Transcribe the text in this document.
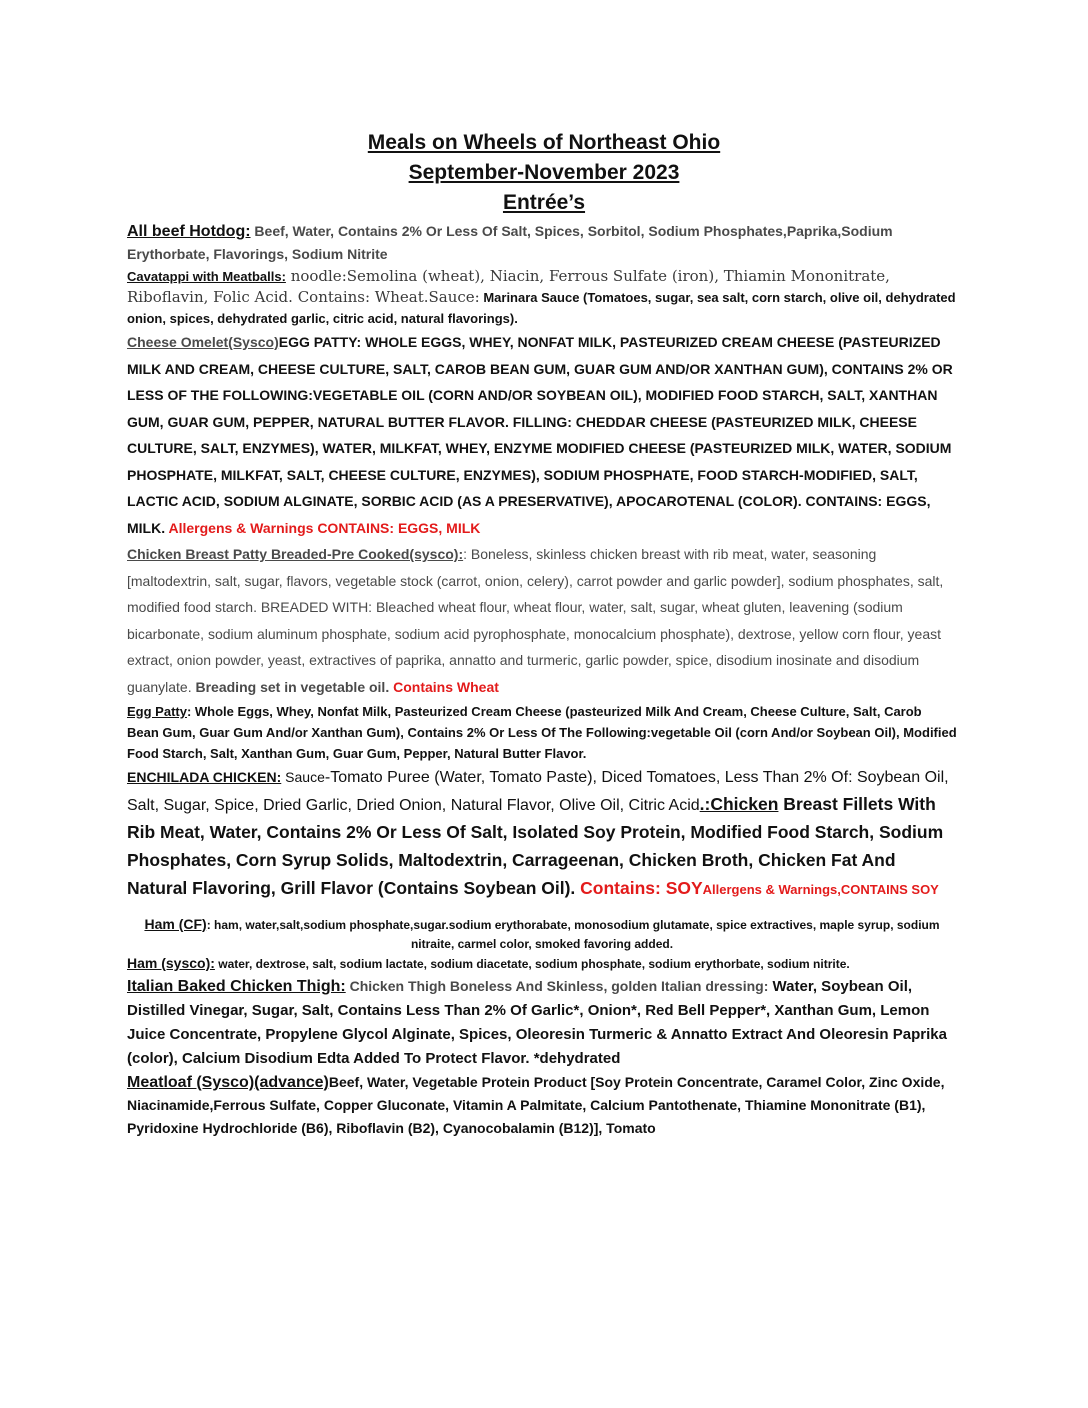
Meals on Wheels of Northeast Ohio
September-November 2023
Entrée’s

All beef Hotdog: Beef, Water, Contains 2% Or Less Of Salt, Spices, Sorbitol, Sodium Phosphates,Paprika,Sodium Erythorbate, Flavorings, Sodium Nitrite

Cavatappi with Meatballs: noodle:Semolina (wheat), Niacin, Ferrous Sulfate (iron), Thiamin Mononitrate, Riboflavin, Folic Acid. Contains: Wheat.Sauce: Marinara Sauce (Tomatoes, sugar, sea salt, corn starch, olive oil, dehydrated onion, spices, dehydrated garlic, citric acid, natural flavorings).

Cheese Omelet(Sysco)EGG PATTY: WHOLE EGGS, WHEY, NONFAT MILK, PASTEURIZED CREAM CHEESE (PASTEURIZED MILK AND CREAM, CHEESE CULTURE, SALT, CAROB BEAN GUM, GUAR GUM AND/OR XANTHAN GUM), CONTAINS 2% OR LESS OF THE FOLLOWING:VEGETABLE OIL (CORN AND/OR SOYBEAN OIL), MODIFIED FOOD STARCH, SALT, XANTHAN GUM, GUAR GUM, PEPPER, NATURAL BUTTER FLAVOR. FILLING: CHEDDAR CHEESE (PASTEURIZED MILK, CHEESE CULTURE, SALT, ENZYMES), WATER, MILKFAT, WHEY, ENZYME MODIFIED CHEESE (PASTEURIZED MILK, WATER, SODIUM PHOSPHATE, MILKFAT, SALT, CHEESE CULTURE, ENZYMES), SODIUM PHOSPHATE, FOOD STARCH-MODIFIED, SALT, LACTIC ACID, SODIUM ALGINATE, SORBIC ACID (AS A PRESERVATIVE), APOCAROTENAL (COLOR). CONTAINS: EGGS, MILK. Allergens & Warnings CONTAINS: EGGS, MILK

Chicken Breast Patty Breaded-Pre Cooked(sysco):: Boneless, skinless chicken breast with rib meat, water, seasoning [maltodextrin, salt, sugar, flavors, vegetable stock (carrot, onion, celery), carrot powder and garlic powder], sodium phosphates, salt, modified food starch. BREADED WITH: Bleached wheat flour, wheat flour, water, salt, sugar, wheat gluten, leavening (sodium bicarbonate, sodium aluminum phosphate, sodium acid pyrophosphate, monocalcium phosphate), dextrose, yellow corn flour, yeast extract, onion powder, yeast, extractives of paprika, annatto and turmeric, garlic powder, spice, disodium inosinate and disodium guanylate. Breading set in vegetable oil. Contains Wheat

Egg Patty: Whole Eggs, Whey, Nonfat Milk, Pasteurized Cream Cheese (pasteurized Milk And Cream, Cheese Culture, Salt, Carob Bean Gum, Guar Gum And/or Xanthan Gum), Contains 2% Or Less Of The Following:vegetable Oil (corn And/or Soybean Oil), Modified Food Starch, Salt, Xanthan Gum, Guar Gum, Pepper, Natural Butter Flavor.

ENCHILADA CHICKEN: Sauce-Tomato Puree (Water, Tomato Paste), Diced Tomatoes, Less Than 2% Of: Soybean Oil, Salt, Sugar, Spice, Dried Garlic, Dried Onion, Natural Flavor, Olive Oil, Citric Acid.:Chicken Breast Fillets With Rib Meat, Water, Contains 2% Or Less Of Salt, Isolated Soy Protein, Modified Food Starch, Sodium Phosphates, Corn Syrup Solids, Maltodextrin, Carrageenan, Chicken Broth, Chicken Fat And Natural Flavoring, Grill Flavor (Contains Soybean Oil). Contains: SOYAllergens & Warnings,CONTAINS SOY

Ham (CF): ham, water,salt,sodium phosphate,sugar.sodium erythorabate, monosodium glutamate, spice extractives, maple syrup, sodium nitraite, carmel color, smoked favoring added.

Ham (sysco): water, dextrose, salt, sodium lactate, sodium diacetate, sodium phosphate, sodium erythorbate, sodium nitrite.

Italian Baked Chicken Thigh: Chicken Thigh Boneless And Skinless, golden Italian dressing: Water, Soybean Oil, Distilled Vinegar, Sugar, Salt, Contains Less Than 2% Of Garlic*, Onion*, Red Bell Pepper*, Xanthan Gum, Lemon Juice Concentrate, Propylene Glycol Alginate, Spices, Oleoresin Turmeric & Annatto Extract And Oleoresin Paprika (color), Calcium Disodium Edta Added To Protect Flavor. *dehydrated

Meatloaf (Sysco)(advance)Beef, Water, Vegetable Protein Product [Soy Protein Concentrate, Caramel Color, Zinc Oxide, Niacinamide,Ferrous Sulfate, Copper Gluconate, Vitamin A Palmitate, Calcium Pantothenate, Thiamine Mononitrate (B1), Pyridoxine Hydrochloride (B6), Riboflavin (B2), Cyanocobalamin (B12)], Tomato
